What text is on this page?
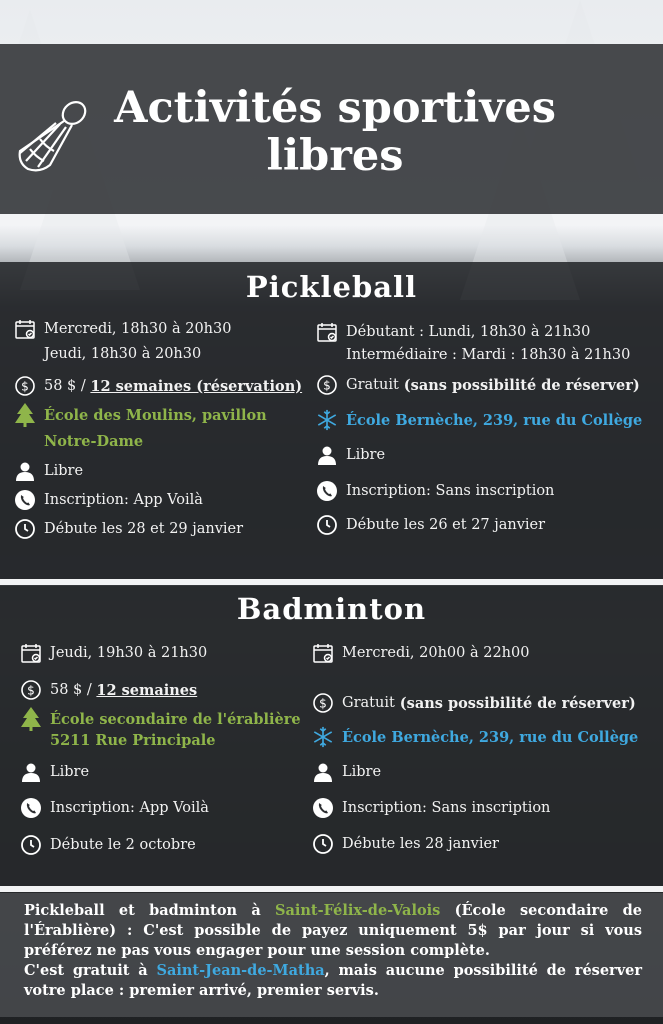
Activités sportives
libres
Pickleball
Mercredi, 18h30 à 20h30
Jeudi, 18h30 à 20h30
$ 58 $ / 12 semaines (réservation)
École des Moulins, pavillon
Notre-Dame
Libre
Inscription: App Voilà
Débute les 28 et 29 janvier
Débutant : Lundi, 18h30 à 21h30
Intermédiaire : Mardi : 18h30 à 21h30
$ Gratuit (sans possibilité de réserver)
École Bernèche, 239, rue du Collège
Libre
Inscription: Sans inscription
Débute les 26 et 27 janvier
Badminton
Jeudi, 19h30 à 21h30
$ 58 $ / 12 semaines
École secondaire de l'érablière
5211 Rue Principale
Libre
Inscription: App Voilà
Débute le 2 octobre
Mercredi, 20h00 à 22h00
$ Gratuit (sans possibilité de réserver)
École Bernèche, 239, rue du Collège
Libre
Inscription: Sans inscription
Débute les 28 janvier
Pickleball et badminton à Saint-Félix-de-Valois (École secondaire de l'Érablière) : C'est possible de payez uniquement 5$ par jour si vous préférez ne pas vous engager pour une session complète.
C'est gratuit à Saint-Jean-de-Matha, mais aucune possibilité de réserver votre place : premier arrivé, premier servis.
